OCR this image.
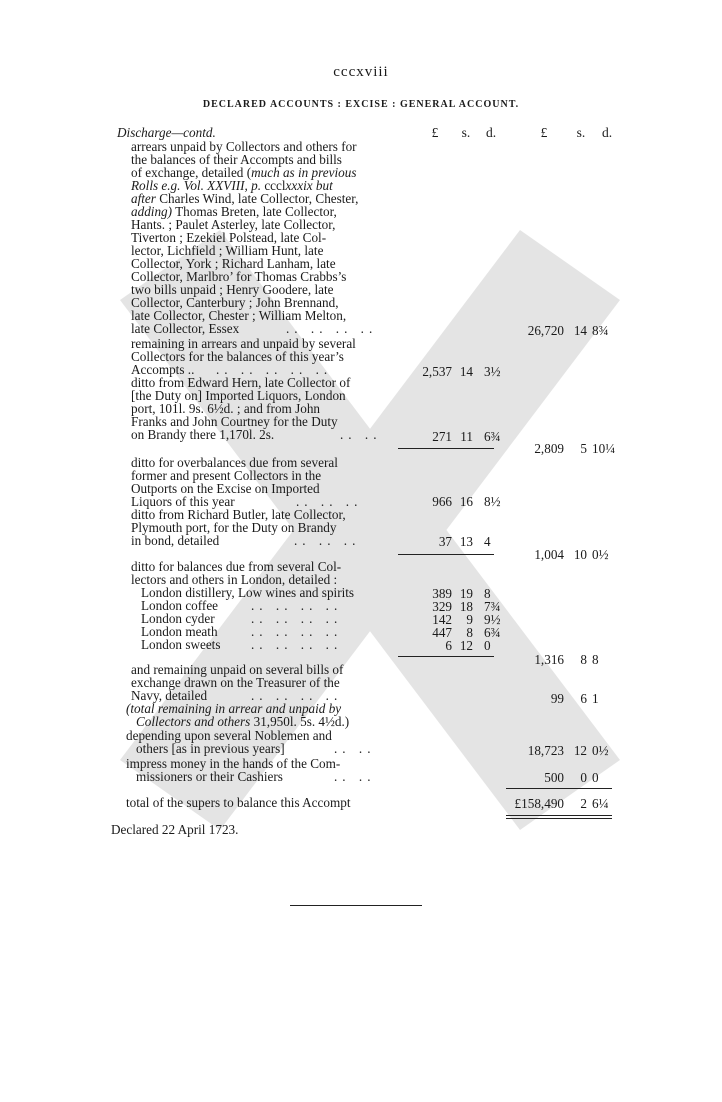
cccxviii
DECLARED ACCOUNTS : EXCISE : GENERAL ACCOUNT.
£	s.	d.	£	s.	d.
Discharge—contd.
arrears unpaid by Collectors and others for
the balances of their Accompts and bills
of exchange, detailed (much as in previous
Rolls e.g. Vol. XXVIII, p. ccclxxxix but
after Charles Wind, late Collector, Chester,
adding) Thomas Breten, late Collector,
Hants. ; Paulet Asterley, late Collector,
Tiverton ; Ezekiel Polstead, late Col-
lector, Lichfield ; William Hunt, late
Collector, York ; Richard Lanham, late
Collector, Marlbro’ for Thomas Crabbs’s
two bills unpaid ; Henry Goodere, late
Collector, Canterbury ; John Brennand,
late Collector, Chester ; William Melton,
late Collector, Essex	.. .. .. ..	26,720 14 8¾
remaining in arrears and unpaid by several
Collectors for the balances of this year’s
Accompts .. .. .. .. .. ..	2,537 14 3½
ditto from Edward Hern, late Collector of
[the Duty on] Imported Liquors, London
port, 101l. 9s. 6½d. ; and from John
Franks and John Courtney for the Duty
on Brandy there 1,170l. 2s.	.. ..	271 11 6¾
2,809	5 10¼
ditto for overbalances due from several
former and present Collectors in the
Outports on the Excise on Imported
Liquors of this year	.. .. ..	966 16 8½
ditto from Richard Butler, late Collector,
Plymouth port, for the Duty on Brandy
in bond, detailed	.. .. ..	37 13 4
1,004 10 0½
ditto for balances due from several Col-
lectors and others in London, detailed :
London distillery, Low wines and spirits	389 19 8
London coffee .. .. .. ..	329 18 7¾
London cyder	.. .. .. ..	142	9 9½
London meath	.. .. .. ..	447	8 6¾
London sweets .. .. .. ..	6 12 0
1,316	8 8
and remaining unpaid on several bills of
exchange drawn on the Treasurer of the
Navy, detailed	.. .. .. ..	99	6 1
(total remaining in arrear and unpaid by
Collectors and others 31,950l. 5s. 4½d.)
depending upon several Noblemen and
others [as in previous years]	.. ..	18,723 12 0½
impress money in the hands of the Com-
missioners or their Cashiers	.. ..	500	0 0
total of the supers to balance this Accompt	£158,490	2 6¼
Declared 22 April 1723.
